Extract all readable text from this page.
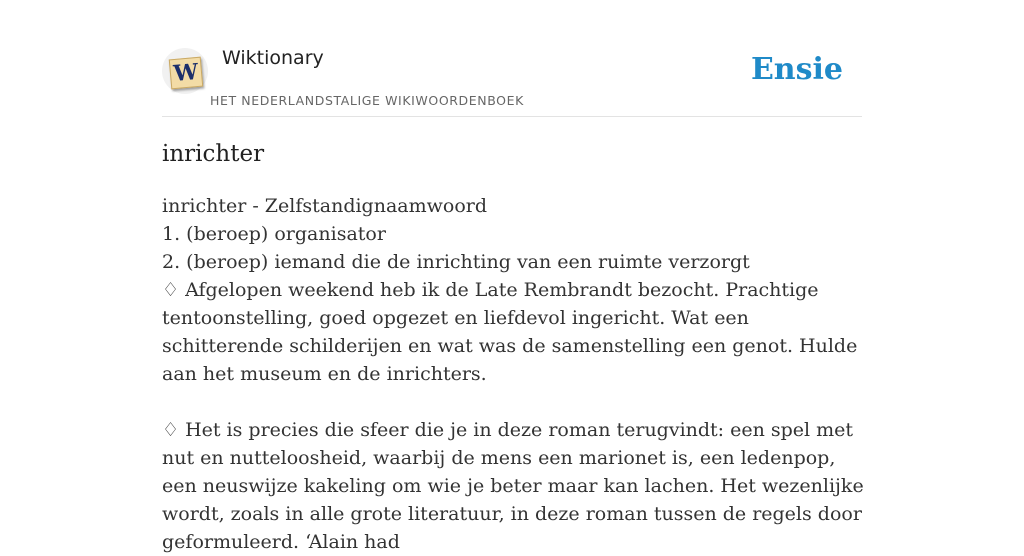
W
Wiktionary
HET NEDERLANDSTALIGE WIKIWOORDENBOEK
Ensie
inrichter

inrichter - Zelfstandignaamwoord

1. (beroep) organisator

2. (beroep) iemand die de inrichting van een ruimte verzorgt

♢ Afgelopen weekend heb ik de Late Rembrandt bezocht. Prachtige tentoonstelling, goed opgezet en liefdevol ingericht. Wat een schitterende schilderijen en wat was de samenstelling een genot. Hulde aan het museum en de inrichters.

♢ Het is precies die sfeer die je in deze roman terugvindt: een spel met nut en nutteloosheid, waarbij de mens een marionet is, een ledenpop, een neuswijze kakeling om wie je beter maar kan lachen. Het wezenlijke wordt, zoals in alle grote literatuur, in deze roman tussen de regels door geformuleerd. ‘Alain had
